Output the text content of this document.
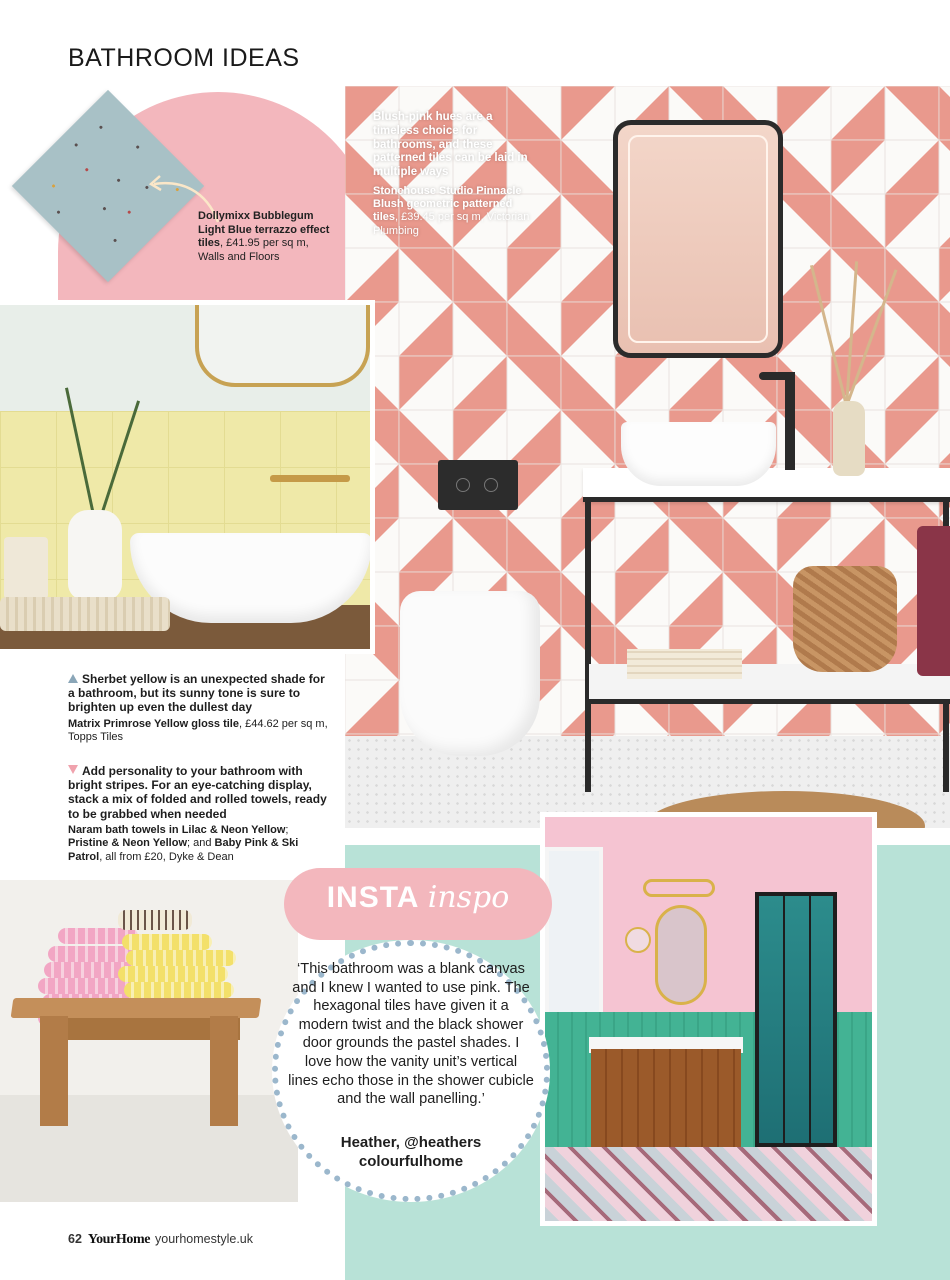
BATHROOM IDEAS
Dollymixx Bubblegum Light Blue terrazzo effect tiles, £41.95 per sq m, Walls and Floors
Blush-pink hues are a timeless choice for bathrooms, and these patterned tiles can be laid in multiple ways
Stonehouse Studio Pinnacle Blush geometric patterned tiles, £39.45 per sq m, Victorian Plumbing
Sherbet yellow is an unexpected shade for a bathroom, but its sunny tone is sure to brighten up even the dullest day
Matrix Primrose Yellow gloss tile, £44.62 per sq m, Topps Tiles
Add personality to your bathroom with bright stripes. For an eye-catching display, stack a mix of folded and rolled towels, ready to be grabbed when needed
Naram bath towels in Lilac & Neon Yellow; Pristine & Neon Yellow; and Baby Pink & Ski Patrol, all from £20, Dyke & Dean
INSTA inspo
‘This bathroom was a blank canvas and I knew I wanted to use pink. The hexagonal tiles have given it a modern twist and the black shower door grounds the pastel shades. I love how the vanity unit’s vertical lines echo those in the shower cubicle and the wall panelling.’
Heather, @heathers colourfulhome
62 YourHome yourhomestyle.uk
